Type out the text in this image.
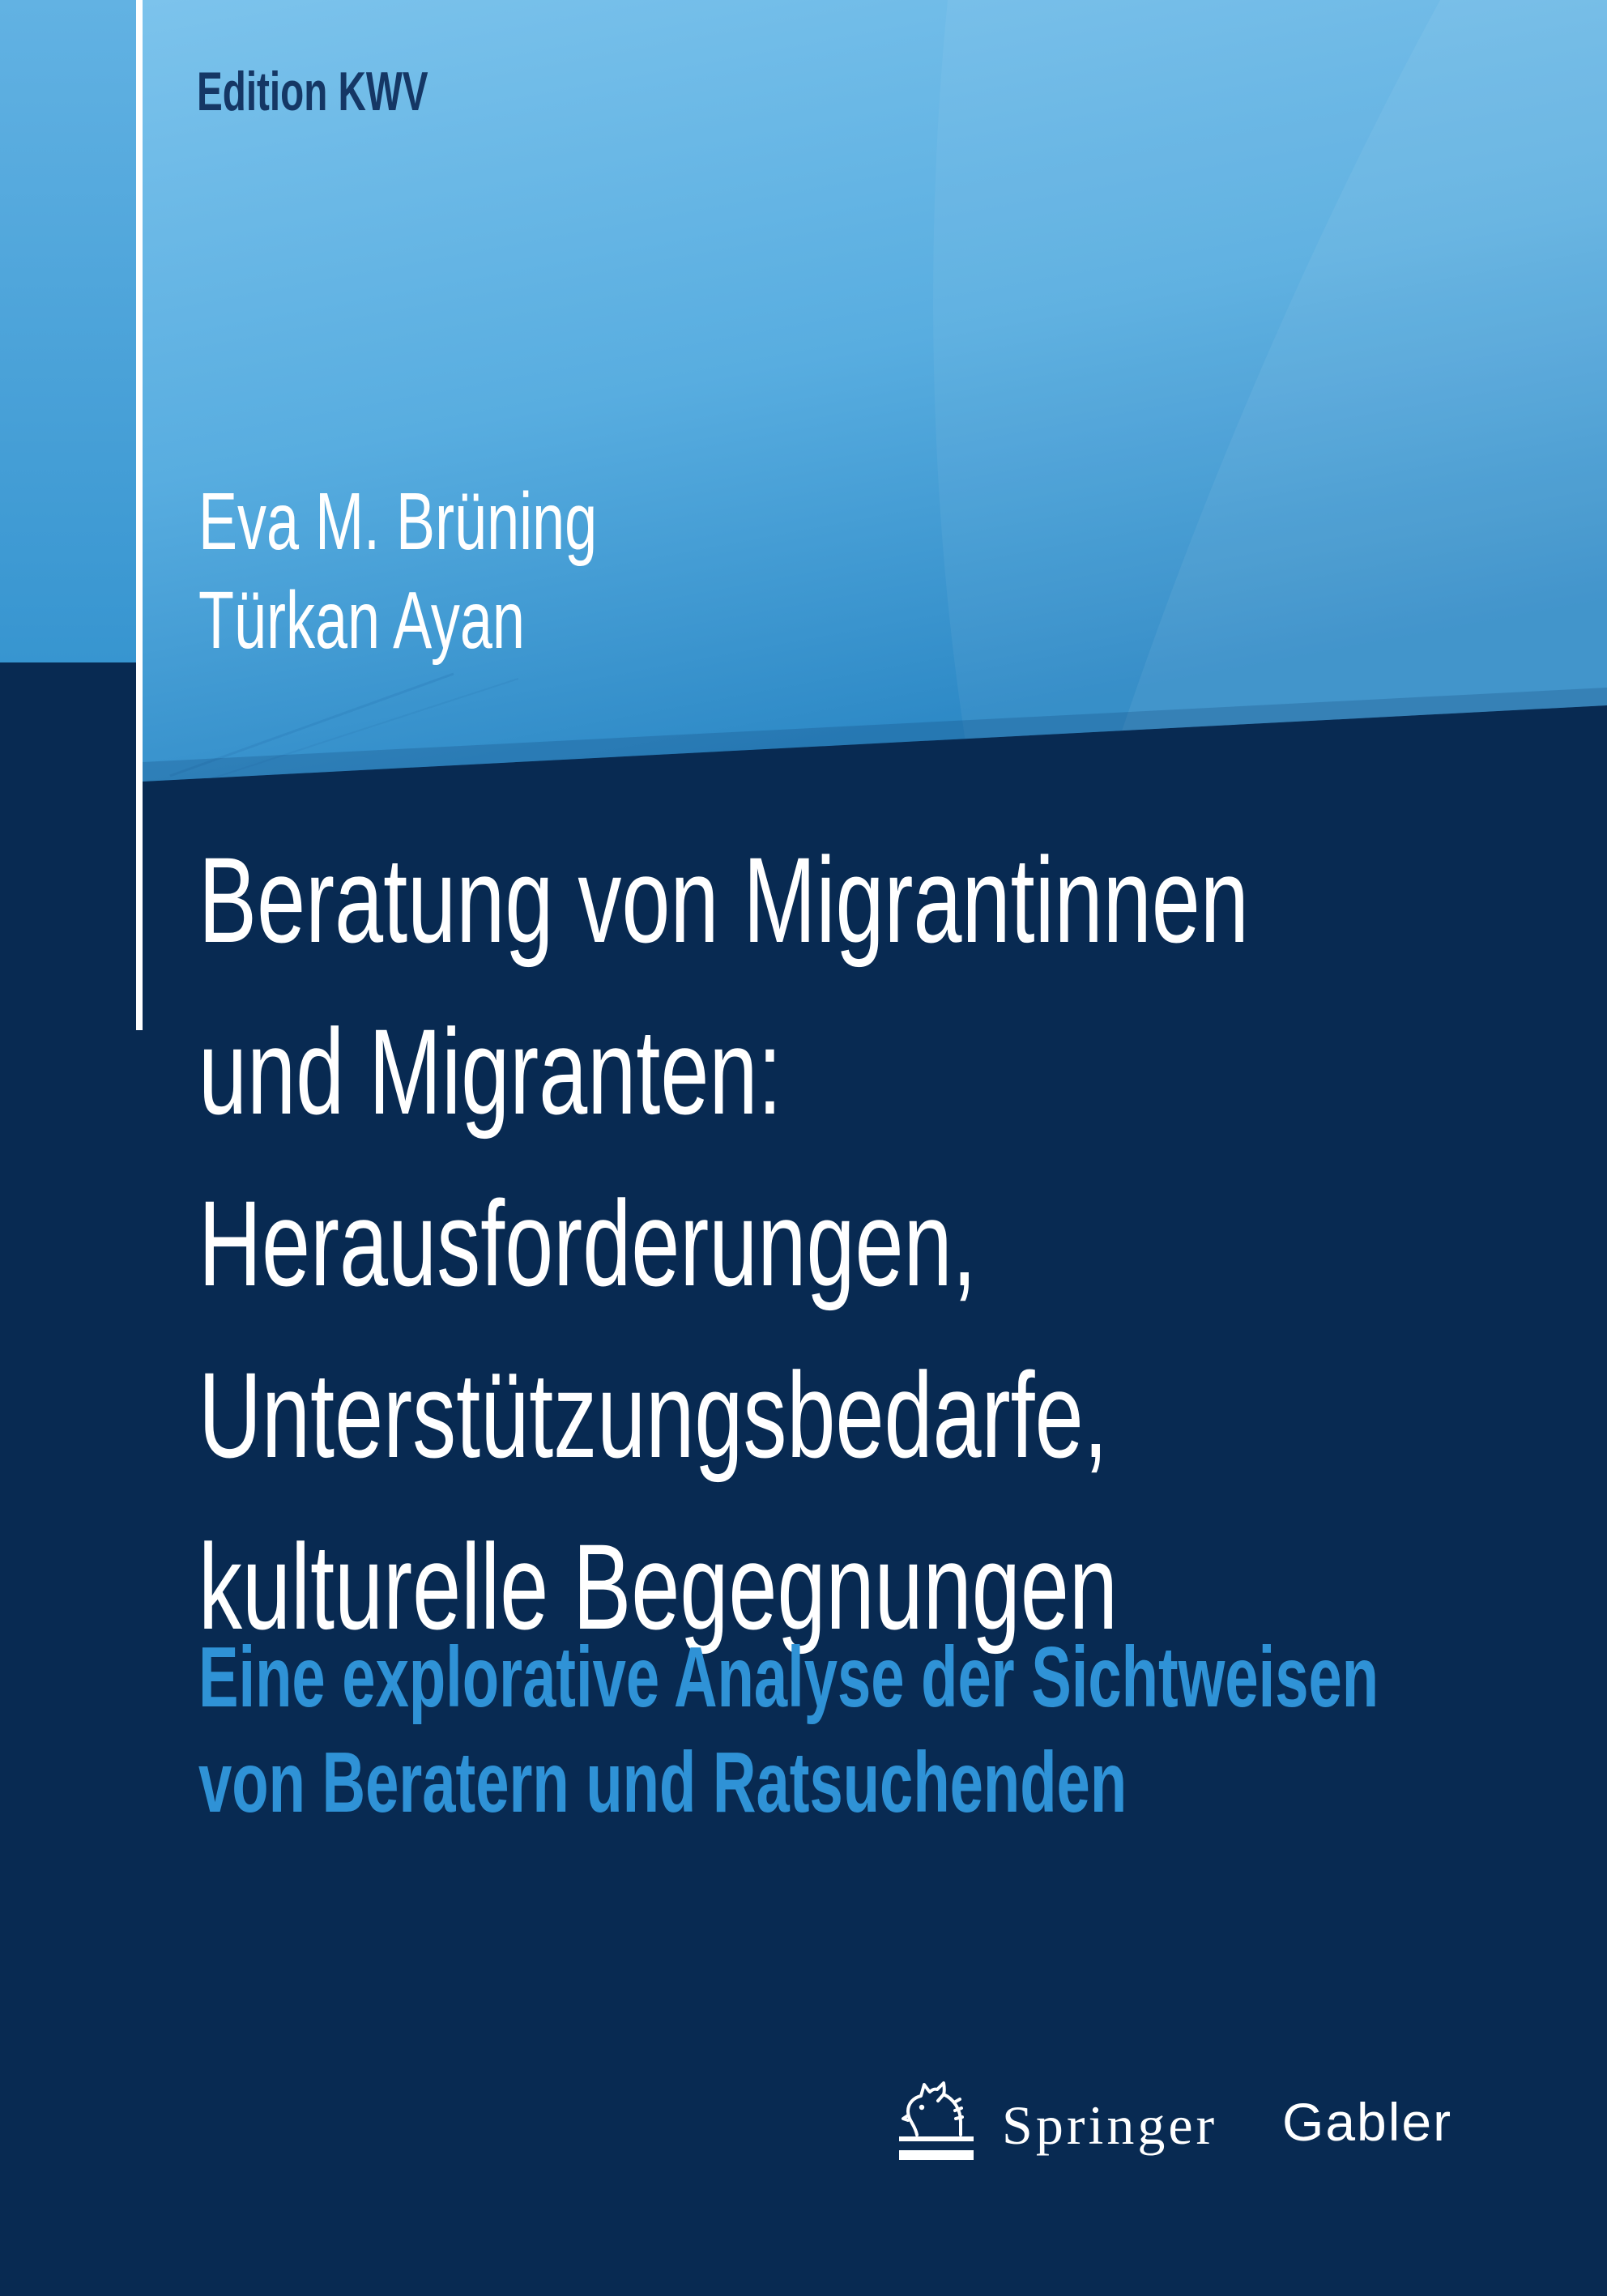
Edition KWV
Eva M. Brüning
Türkan Ayan
Beratung von Migrantinnen
und Migranten:
Herausforderungen,
Unterstützungsbedarfe,
kulturelle Begegnungen
Eine explorative Analyse der Sichtweisen
von Beratern und Ratsuchenden
Springer Gabler
